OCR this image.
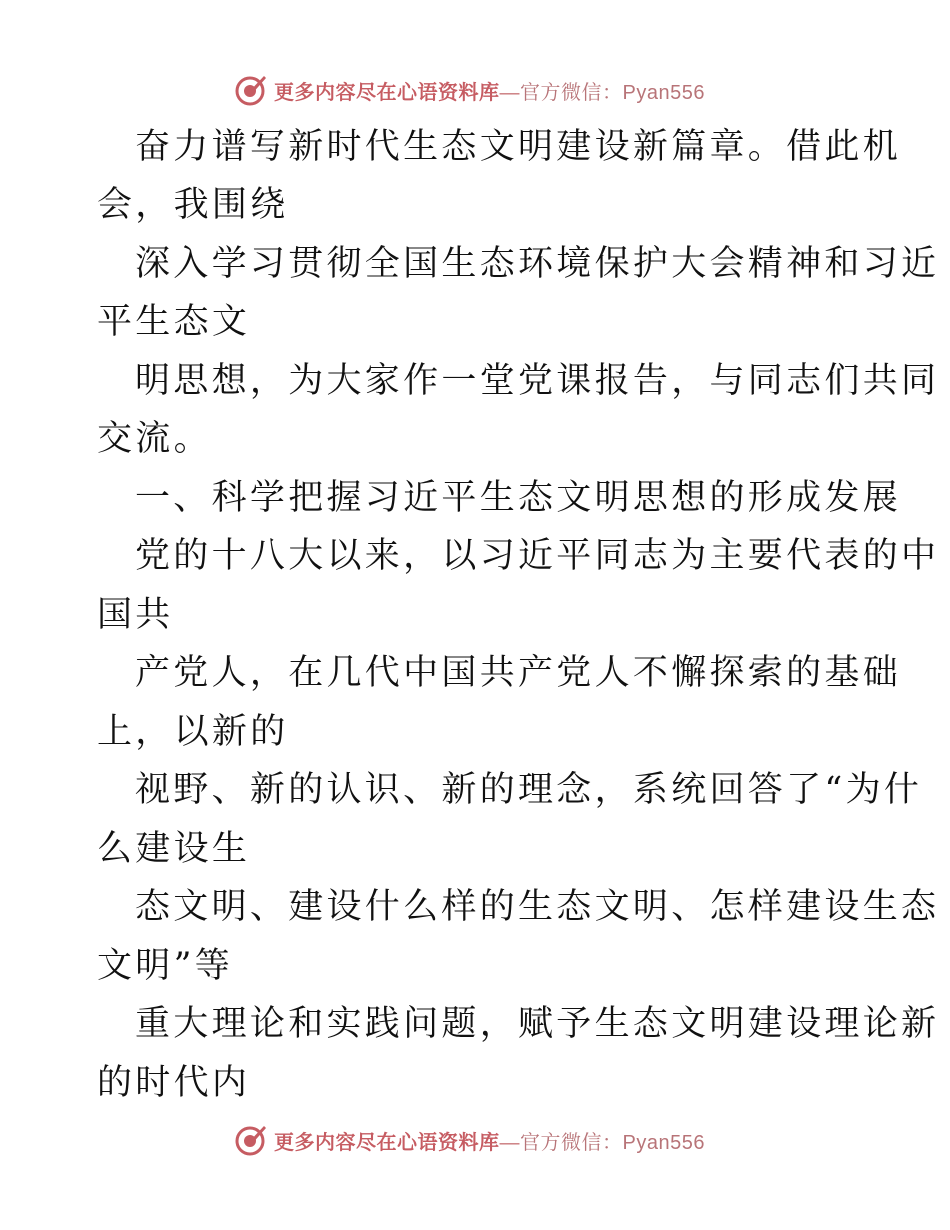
更多内容尽在心语资料库—官方微信：Pyan556
奋力谱写新时代生态文明建设新篇章。借此机
会，我围绕
深入学习贯彻全国生态环境保护大会精神和习近
平生态文
明思想，为大家作一堂党课报告，与同志们共同
交流。
一、科学把握习近平生态文明思想的形成发展
党的十八大以来，以习近平同志为主要代表的中
国共
产党人，在几代中国共产党人不懈探索的基础
上，以新的
视野、新的认识、新的理念，系统回答了“为什
么建设生
态文明、建设什么样的生态文明、怎样建设生态
文明”等
重大理论和实践问题，赋予生态文明建设理论新
的时代内
更多内容尽在心语资料库—官方微信：Pyan556
